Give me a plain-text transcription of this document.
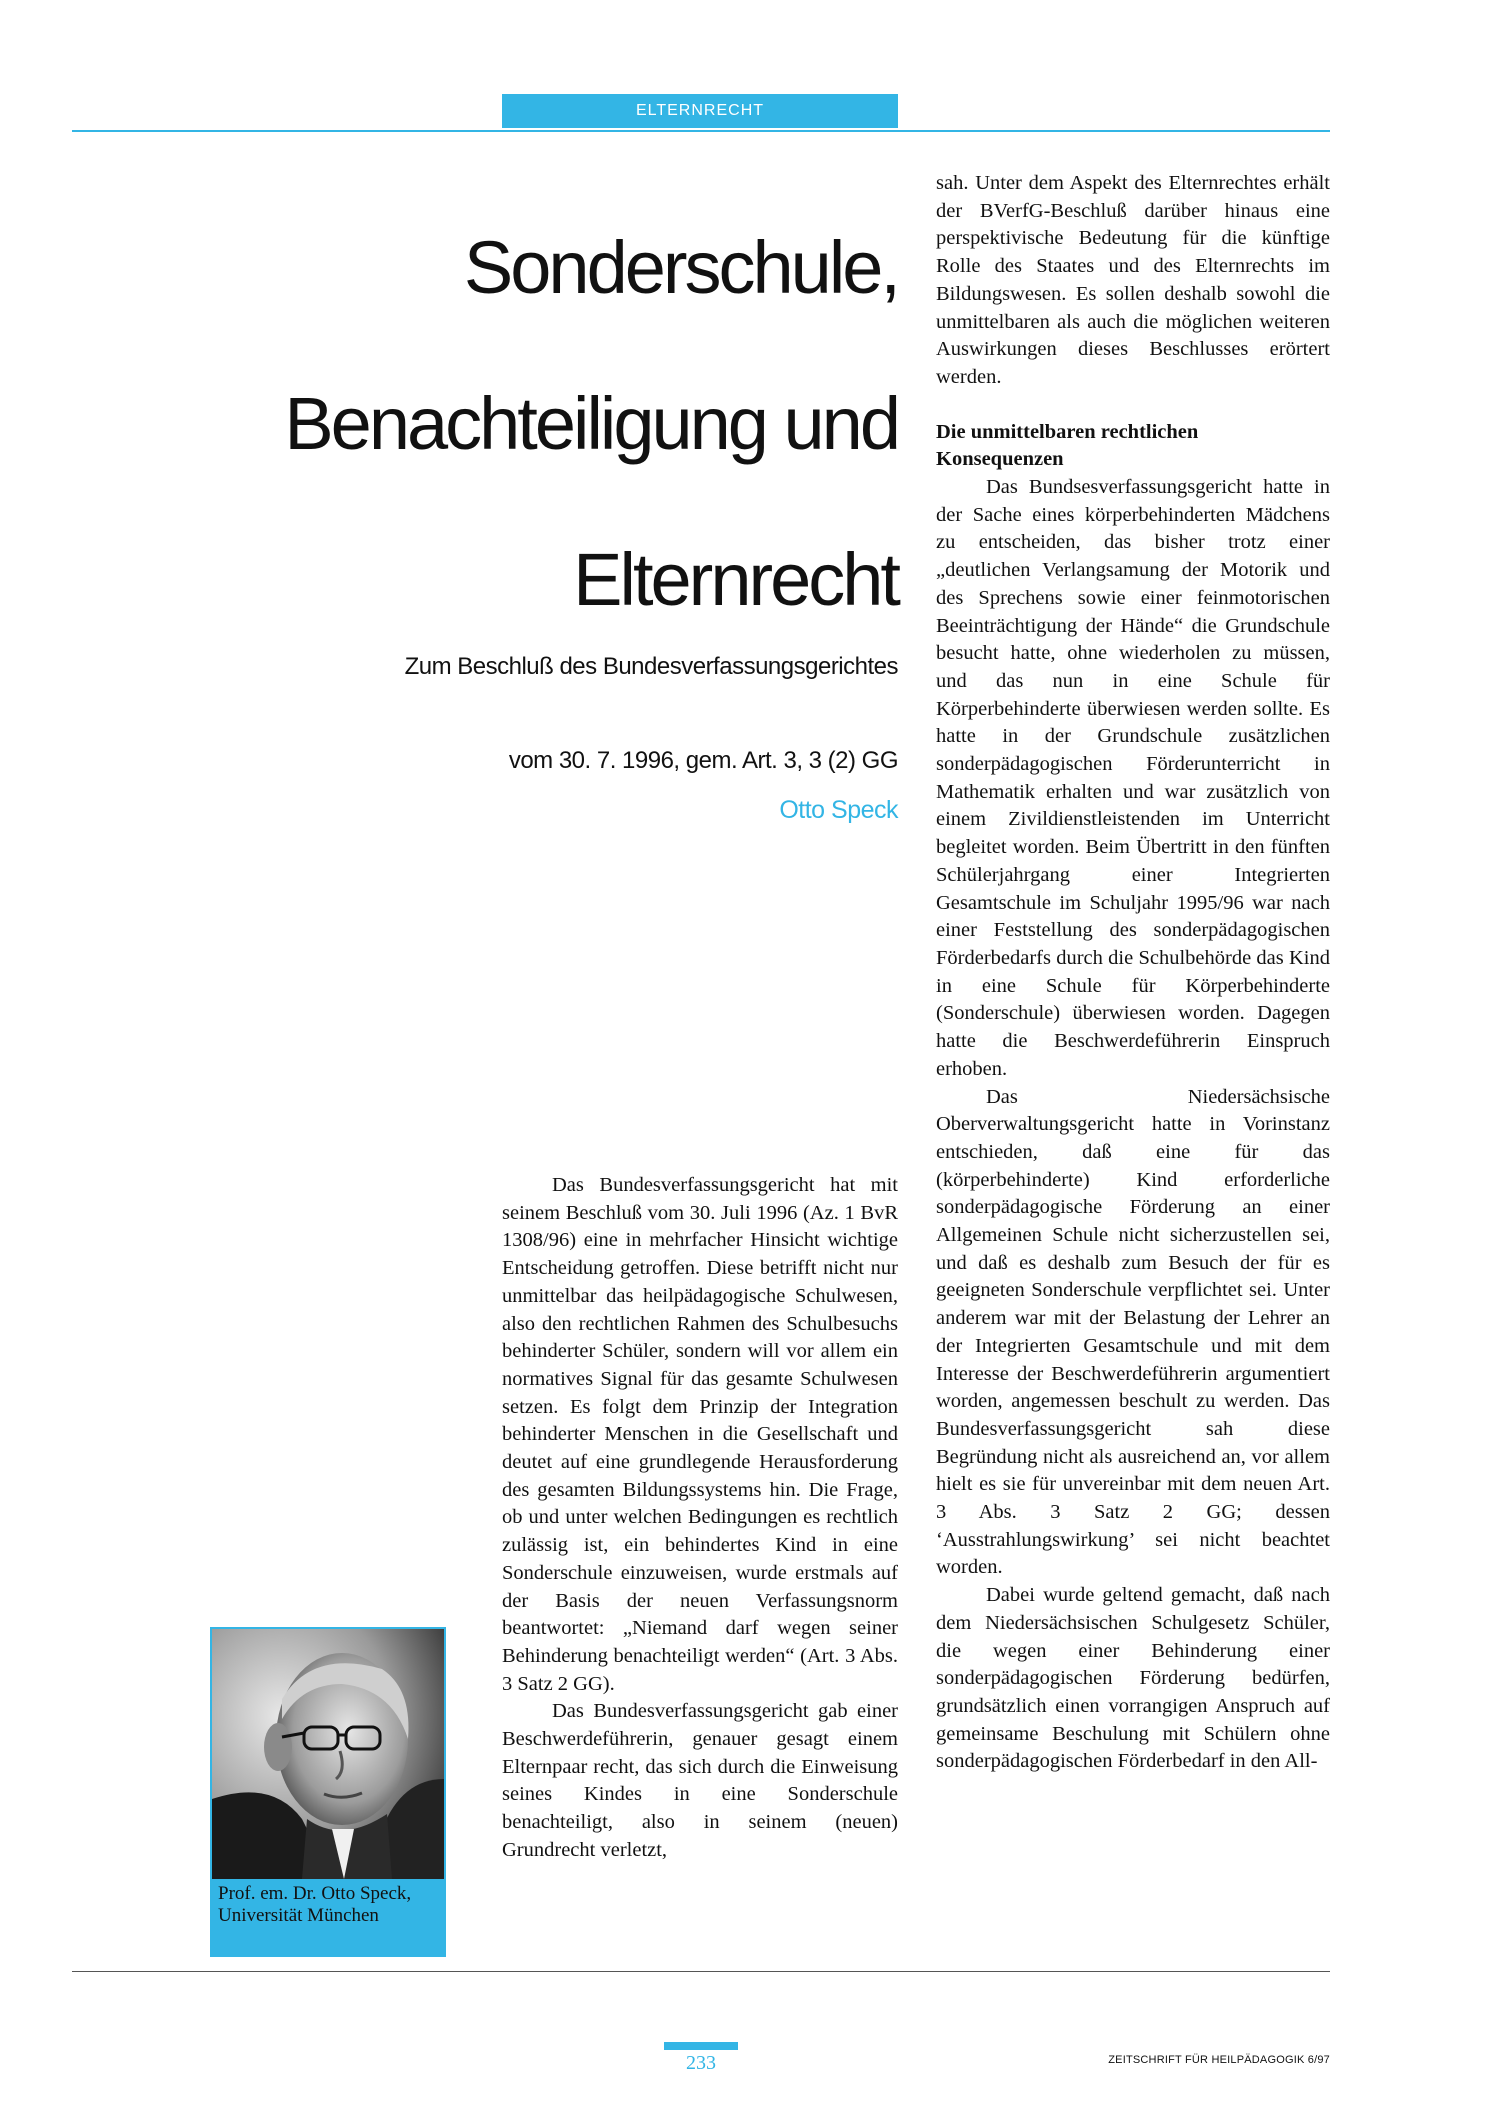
ELTERNRECHT
Sonderschule,
Benachteiligung und
Elternrecht
Zum Beschluß des Bundesverfassungsgerichtes
vom 30. 7. 1996, gem. Art. 3, 3 (2) GG
Otto Speck

Das Bundesverfassungsgericht hat mit seinem Beschluß vom 30. Juli 1996 (Az. 1 BvR 1308/96) eine in mehrfacher Hinsicht wichtige Entscheidung getroffen. Diese betrifft nicht nur unmittelbar das heilpädagogische Schulwesen, also den rechtlichen Rahmen des Schulbesuchs behinderter Schüler, sondern will vor allem ein normatives Signal für das gesamte Schulwesen setzen. Es folgt dem Prinzip der Integration behinderter Menschen in die Gesellschaft und deutet auf eine grundlegende Herausforderung des gesamten Bildungssystems hin. Die Frage, ob und unter welchen Bedingungen es rechtlich zulässig ist, ein behindertes Kind in eine Sonderschule einzuweisen, wurde erstmals auf der Basis der neuen Verfassungsnorm beantwortet: „Niemand darf wegen seiner Behinderung benachteiligt werden“ (Art. 3 Abs. 3 Satz 2 GG).

Das Bundesverfassungsgericht gab einer Beschwerdeführerin, genauer gesagt einem Elternpaar recht, das sich durch die Einweisung seines Kindes in eine Sonderschule benachteiligt, also in seinem (neuen) Grundrecht verletzt,

sah. Unter dem Aspekt des Elternrechtes erhält der BVerfG-Beschluß darüber hinaus eine perspektivische Bedeutung für die künftige Rolle des Staates und des Elternrechts im Bildungswesen. Es sollen deshalb sowohl die unmittelbaren als auch die möglichen weiteren Auswirkungen dieses Beschlusses erörtert werden.

Die unmittelbaren rechtlichen Konsequenzen

Das Bundsesverfassungsgericht hatte in der Sache eines körperbehinderten Mädchens zu entscheiden, das bisher trotz einer „deutlichen Verlangsamung der Motorik und des Sprechens sowie einer feinmotorischen Beeinträchtigung der Hände“ die Grundschule besucht hatte, ohne wiederholen zu müssen, und das nun in eine Schule für Körperbehinderte überwiesen werden sollte. Es hatte in der Grundschule zusätzlichen sonderpädagogischen Förderunterricht in Mathematik erhalten und war zusätzlich von einem Zivildienstleistenden im Unterricht begleitet worden. Beim Übertritt in den fünften Schülerjahrgang einer Integrierten Gesamtschule im Schuljahr 1995/96 war nach einer Feststellung des sonderpädagogischen Förderbedarfs durch die Schulbehörde das Kind in eine Schule für Körperbehinderte (Sonderschule) überwiesen worden. Dagegen hatte die Beschwerdeführerin Einspruch erhoben.

Das Niedersächsische Oberverwaltungsgericht hatte in Vorinstanz entschieden, daß eine für das (körperbehinderte) Kind erforderliche sonderpädagogische Förderung an einer Allgemeinen Schule nicht sicherzustellen sei, und daß es deshalb zum Besuch der für es geeigneten Sonderschule verpflichtet sei. Unter anderem war mit der Belastung der Lehrer an der Integrierten Gesamtschule und mit dem Interesse der Beschwerdeführerin argumentiert worden, angemessen beschult zu werden. Das Bundesverfassungsgericht sah diese Begründung nicht als ausreichend an, vor allem hielt es sie für unvereinbar mit dem neuen Art. 3 Abs. 3 Satz 2 GG; dessen ‘Ausstrahlungswirkung’ sei nicht beachtet worden.

Dabei wurde geltend gemacht, daß nach dem Niedersächsischen Schulgesetz Schüler, die wegen einer Behinderung einer sonderpädagogischen Förderung bedürfen, grundsätzlich einen vorrangigen Anspruch auf gemeinsame Beschulung mit Schülern ohne sonderpädagogischen Förderbedarf in den All-

Prof. em. Dr. Otto Speck,
Universität München
233	ZEITSCHRIFT FÜR HEILPÄDAGOGIK 6/97
